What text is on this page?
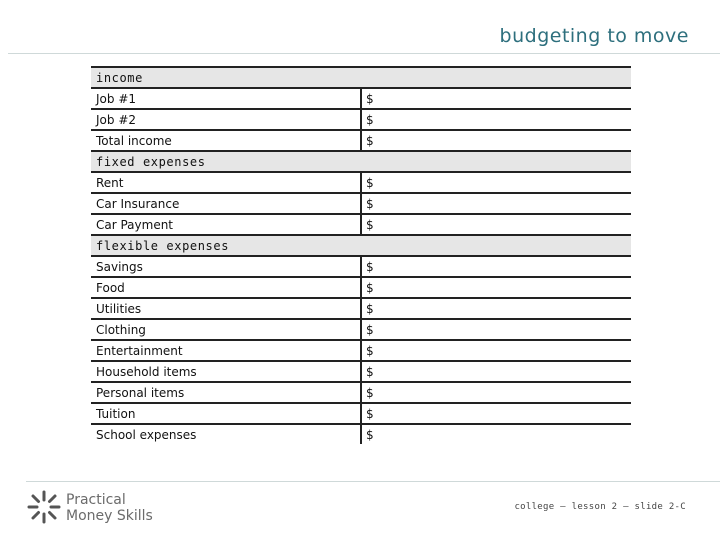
budgeting to move
income	
Job #1	$
Job #2	$
Total income	$
fixed expenses	
Rent	$
Car Insurance	$
Car Payment	$
flexible expenses	
Savings	$
Food	$
Utilities	$
Clothing	$
Entertainment	$
Household items	$
Personal items	$
Tuition	$
School expenses	$
Practical
Money Skills
college – lesson 2 – slide 2-C
